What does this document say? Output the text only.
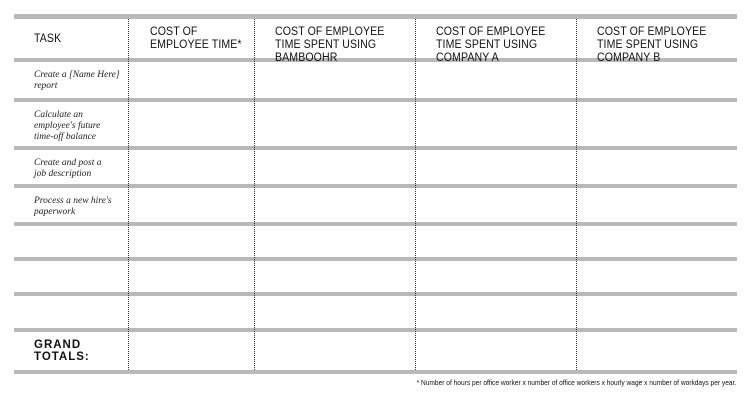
TASK
COST OF EMPLOYEE TIME*
COST OF EMPLOYEE TIME SPENT USING BAMBOOHR
COST OF EMPLOYEE TIME SPENT USING COMPANY A
COST OF EMPLOYEE TIME SPENT USING COMPANY B
Create a [Name Here] report
Calculate an employee's future time-off balance
Create and post a job description
Process a new hire's paperwork
GRAND TOTALS:
* Number of hours per office worker x number of office workers x hourly wage x number of workdays per year.
